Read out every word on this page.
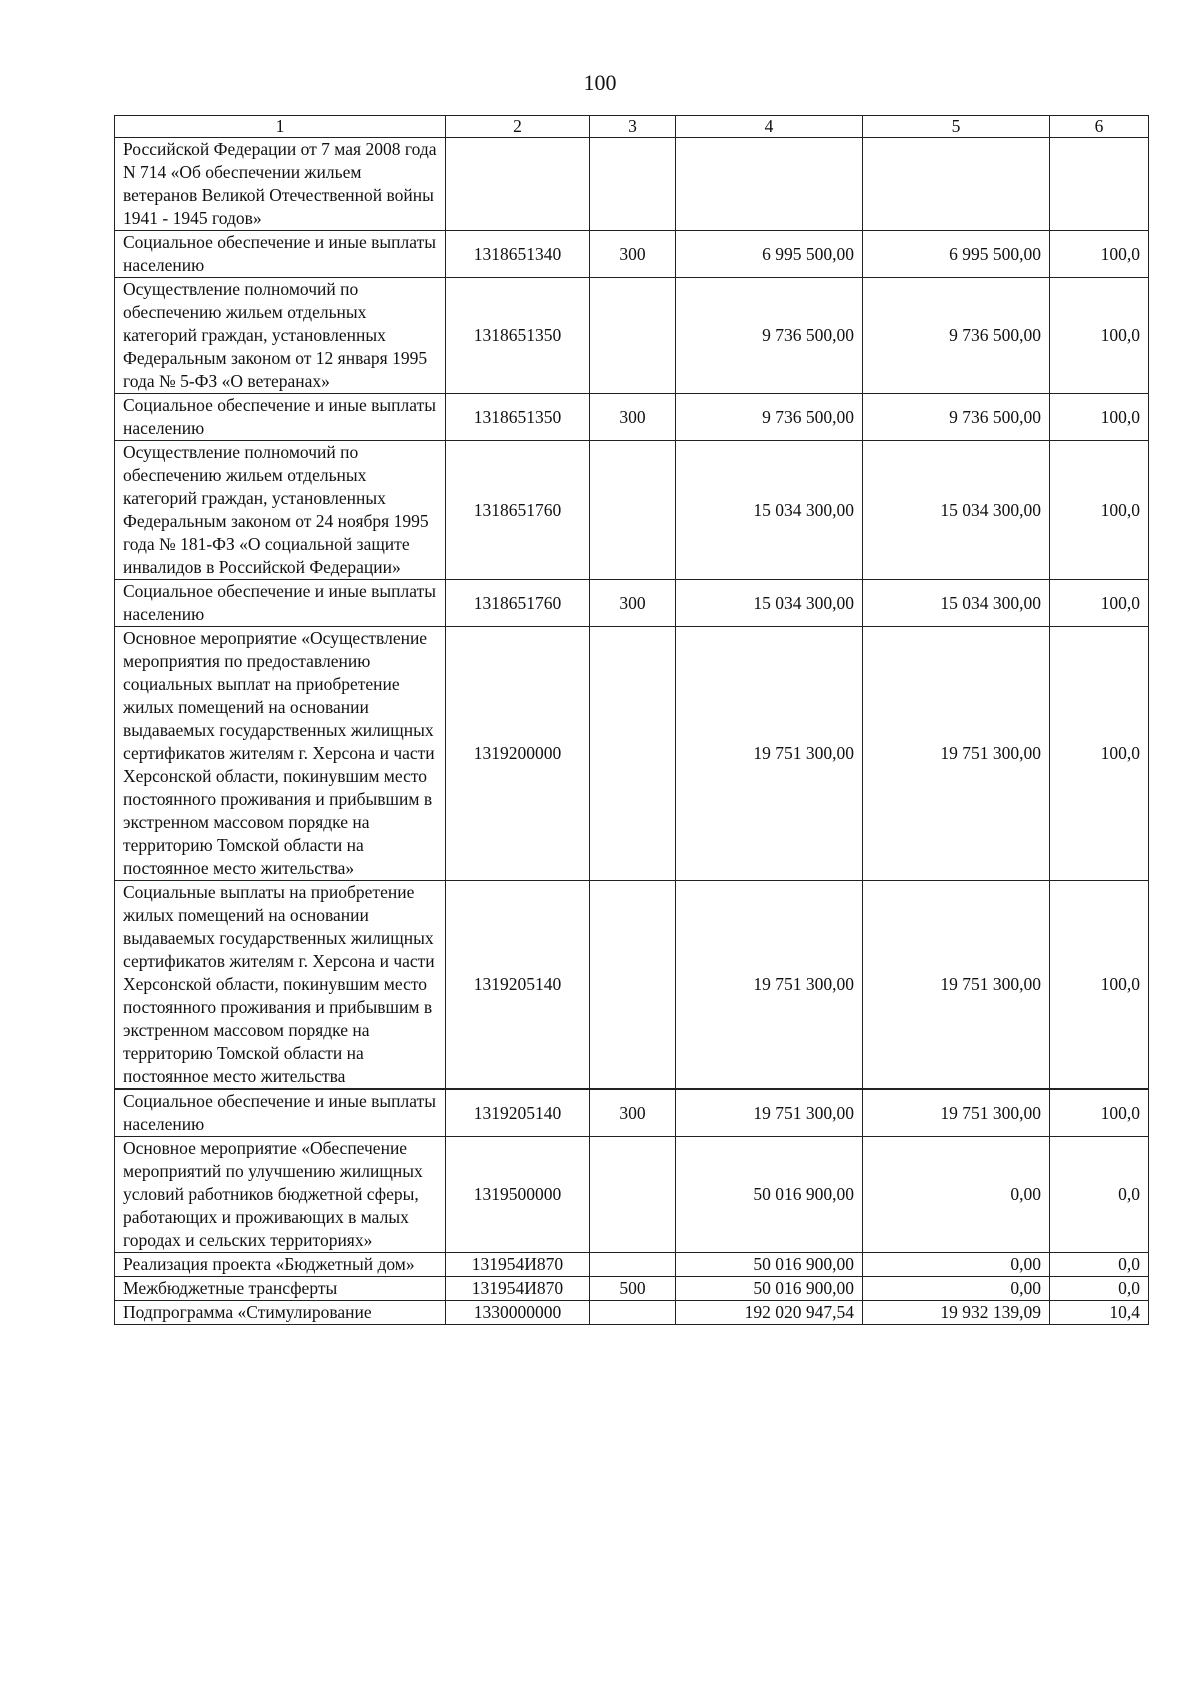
100
1	2	3	4	5	6
Российской Федерации от 7 мая 2008 года N 714 «Об обеспечении жильем ветеранов Великой Отечественной войны 1941 - 1945 годов»					
Социальное обеспечение и иные выплаты населению	1318651340	300	6 995 500,00	6 995 500,00	100,0
Осуществление полномочий по обеспечению жильем отдельных категорий граждан, установленных Федеральным законом от 12 января 1995 года № 5-ФЗ «О ветеранах»	1318651350		9 736 500,00	9 736 500,00	100,0
Социальное обеспечение и иные выплаты населению	1318651350	300	9 736 500,00	9 736 500,00	100,0
Осуществление полномочий по обеспечению жильем отдельных категорий граждан, установленных Федеральным законом от 24 ноября 1995 года № 181-ФЗ «О социальной защите инвалидов в Российской Федерации»	1318651760		15 034 300,00	15 034 300,00	100,0
Социальное обеспечение и иные выплаты населению	1318651760	300	15 034 300,00	15 034 300,00	100,0
Основное мероприятие «Осуществление мероприятия по предоставлению социальных выплат на приобретение жилых помещений на основании выдаваемых государственных жилищных сертификатов жителям г. Херсона и части Херсонской области, покинувшим место постоянного проживания и прибывшим в экстренном массовом порядке на территорию Томской области на постоянное место жительства»	1319200000		19 751 300,00	19 751 300,00	100,0
Социальные выплаты на приобретение жилых помещений на основании выдаваемых государственных жилищных сертификатов жителям г. Херсона и части Херсонской области, покинувшим место постоянного проживания и прибывшим в экстренном массовом порядке на территорию Томской области на постоянное место жительства	1319205140		19 751 300,00	19 751 300,00	100,0
Социальное обеспечение и иные выплаты населению	1319205140	300	19 751 300,00	19 751 300,00	100,0
Основное мероприятие «Обеспечение мероприятий по улучшению жилищных условий работников бюджетной сферы, работающих и проживающих в малых городах и сельских территориях»	1319500000		50 016 900,00	0,00	0,0
Реализация проекта «Бюджетный дом»	131954И870		50 016 900,00	0,00	0,0
Межбюджетные трансферты	131954И870	500	50 016 900,00	0,00	0,0
Подпрограмма «Стимулирование	1330000000		192 020 947,54	19 932 139,09	10,4
